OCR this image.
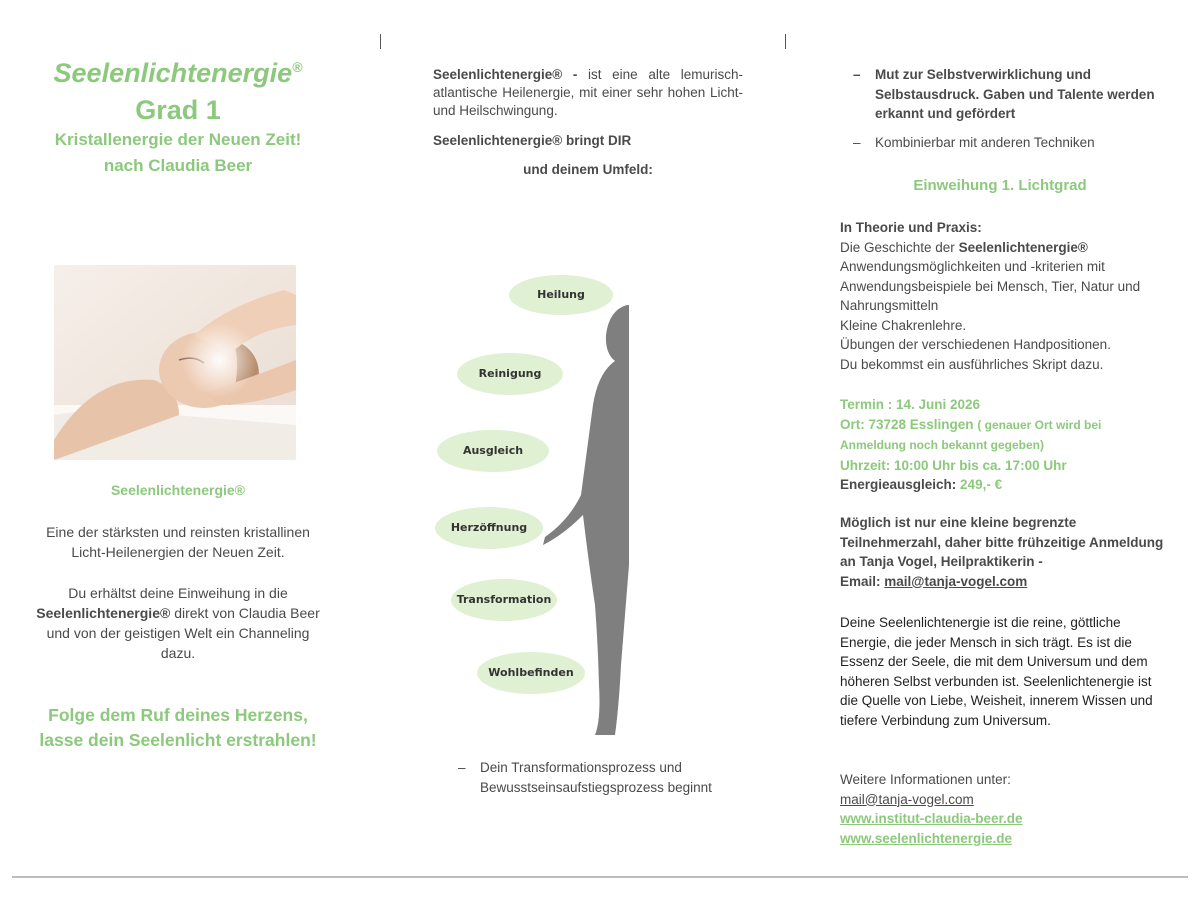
Seelenlichtenergie®
Grad 1
Kristallenergie der Neuen Zeit!
nach Claudia Beer
Seelenlichtenergie®
Eine der stärksten und reinsten kristallinen Licht-Heilenergien der Neuen Zeit.
Du erhältst deine Einweihung in die
Seelenlichtenergie® direkt von Claudia Beer und von der geistigen Welt ein Channeling dazu.
Folge dem Ruf deines Herzens,
lasse dein Seelenlicht erstrahlen!
Seelenlichtenergie® - ist eine alte lemurisch-atlantische Heilenergie, mit einer sehr hohen Licht- und Heilschwingung.
Seelenlichtenergie® bringt DIR
und deinem Umfeld:
Heilung
Reinigung
Ausgleich
Herzöffnung
Transformation
Wohlbefinden
– Dein Transformationsprozess und Bewusstseinsaufstiegsprozess beginnt
– Mut zur Selbstverwirklichung und Selbstausdruck. Gaben und Talente werden erkannt und gefördert
– Kombinierbar mit anderen Techniken
Einweihung 1. Lichtgrad
In Theorie und Praxis:
Die Geschichte der Seelenlichtenergie®
Anwendungsmöglichkeiten und -kriterien mit Anwendungsbeispiele bei Mensch, Tier, Natur und Nahrungsmitteln
Kleine Chakrenlehre.
Übungen der verschiedenen Handpositionen.
Du bekommst ein ausführliches Skript dazu.
Termin : 14. Juni 2026
Ort: 73728 Esslingen ( genauer Ort wird bei Anmeldung noch bekannt gegeben)
Uhrzeit: 10:00 Uhr bis ca. 17:00 Uhr
Energieausgleich: 249,- €
Möglich ist nur eine kleine begrenzte Teilnehmerzahl, daher bitte frühzeitige Anmeldung an Tanja Vogel, Heilpraktikerin -
Email: mail@tanja-vogel.com
Deine Seelenlichtenergie ist die reine, göttliche Energie, die jeder Mensch in sich trägt. Es ist die Essenz der Seele, die mit dem Universum und dem höheren Selbst verbunden ist. Seelenlichtenergie ist die Quelle von Liebe, Weisheit, innerem Wissen und tiefere Verbindung zum Universum.
Weitere Informationen unter:
mail@tanja-vogel.com
www.institut-claudia-beer.de
www.seelenlichtenergie.de
